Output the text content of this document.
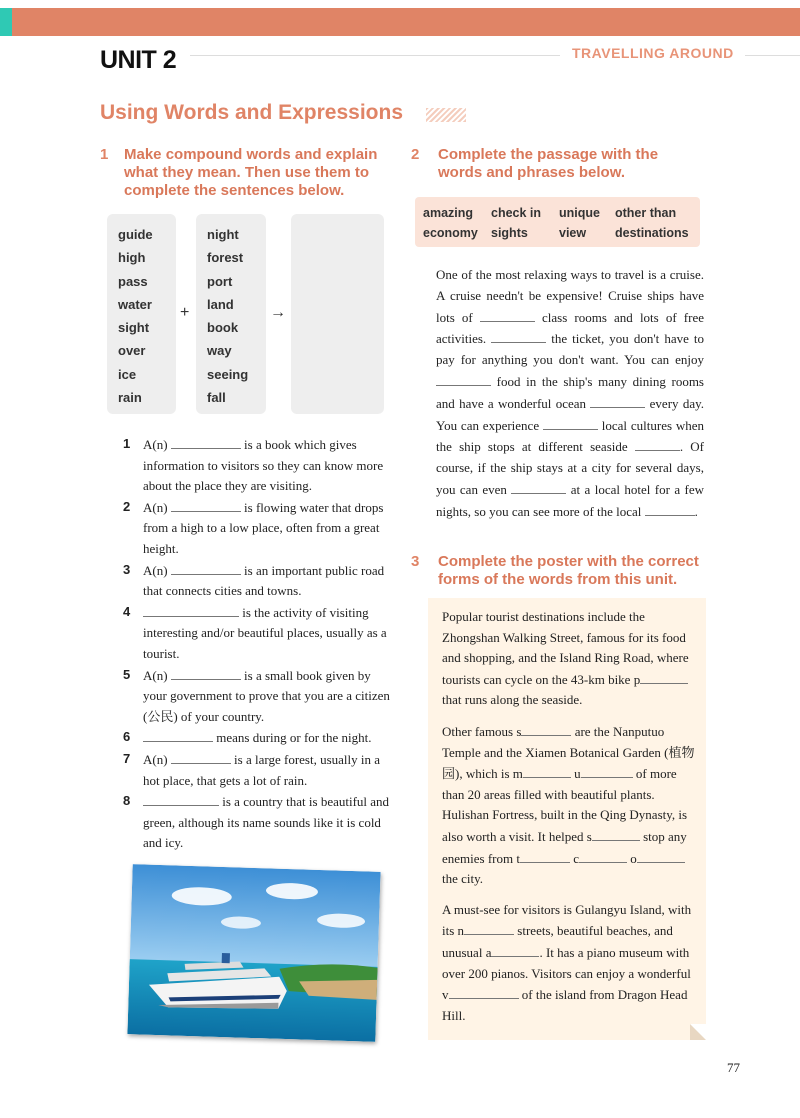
UNIT 2	TRAVELLING AROUND
Using Words and Expressions
1 Make compound words and explain
what they mean. Then use them to
complete the sentences below.
guide
high
pass
water
sight
over
ice
rain
night
forest
port
land
book
way
seeing
fall
+	→
1 A(n)	is a book which gives information to visitors so they can know more about the place they are visiting.
2 A(n)	is flowing water that drops from a high to a low place, often from a great height.
3 A(n)	is an important public road that connects cities and towns.
4	is the activity of visiting interesting and/or beautiful places, usually as a tourist.
5 A(n)	is a small book given by your government to prove that you are a citizen (公民) of your country.
6	means during or for the night.
7 A(n)	is a large forest, usually in a hot place, that gets a lot of rain.
8	is a country that is beautiful and green, although its name sounds like it is cold and icy.
2 Complete the passage with the
words and phrases below.
amazing check in unique other than
economy sights view destinations
One of the most relaxing ways to travel is a cruise. A cruise needn't be expensive! Cruise ships have lots of	class rooms and lots of free activities.	the ticket, you don't have to pay for anything you don't want. You can enjoy  food in the ship's many dining rooms and have a wonderful ocean	every day. You can experience	local cultures when the ship stops at different seaside	. Of course, if the ship stays at a city for several days, you can even	at a local hotel for a few nights, so you can see more of the local	.
3 Complete the poster with the correct
forms of the words from this unit.

Popular tourist destinations include the Zhongshan Walking Street, famous for its food and shopping, and the Island Ring Road, where tourists can cycle on the 43-km bike p that runs along the seaside.

Other famous s	are the Nanputuo Temple and the Xiamen Botanical Garden (植物园), which is m	u	of more than 20 areas filled with beautiful plants. Hulishan Fortress, built in the Qing Dynasty, is also worth a visit. It helped s	stop any enemies from t	c	o the city.

A must-see for visitors is Gulangyu Island, with its n	streets, beautiful beaches, and unusual a	. It has a piano museum with over 200 pianos. Visitors can enjoy a wonderful v	of the island from Dragon Head Hill.

77
